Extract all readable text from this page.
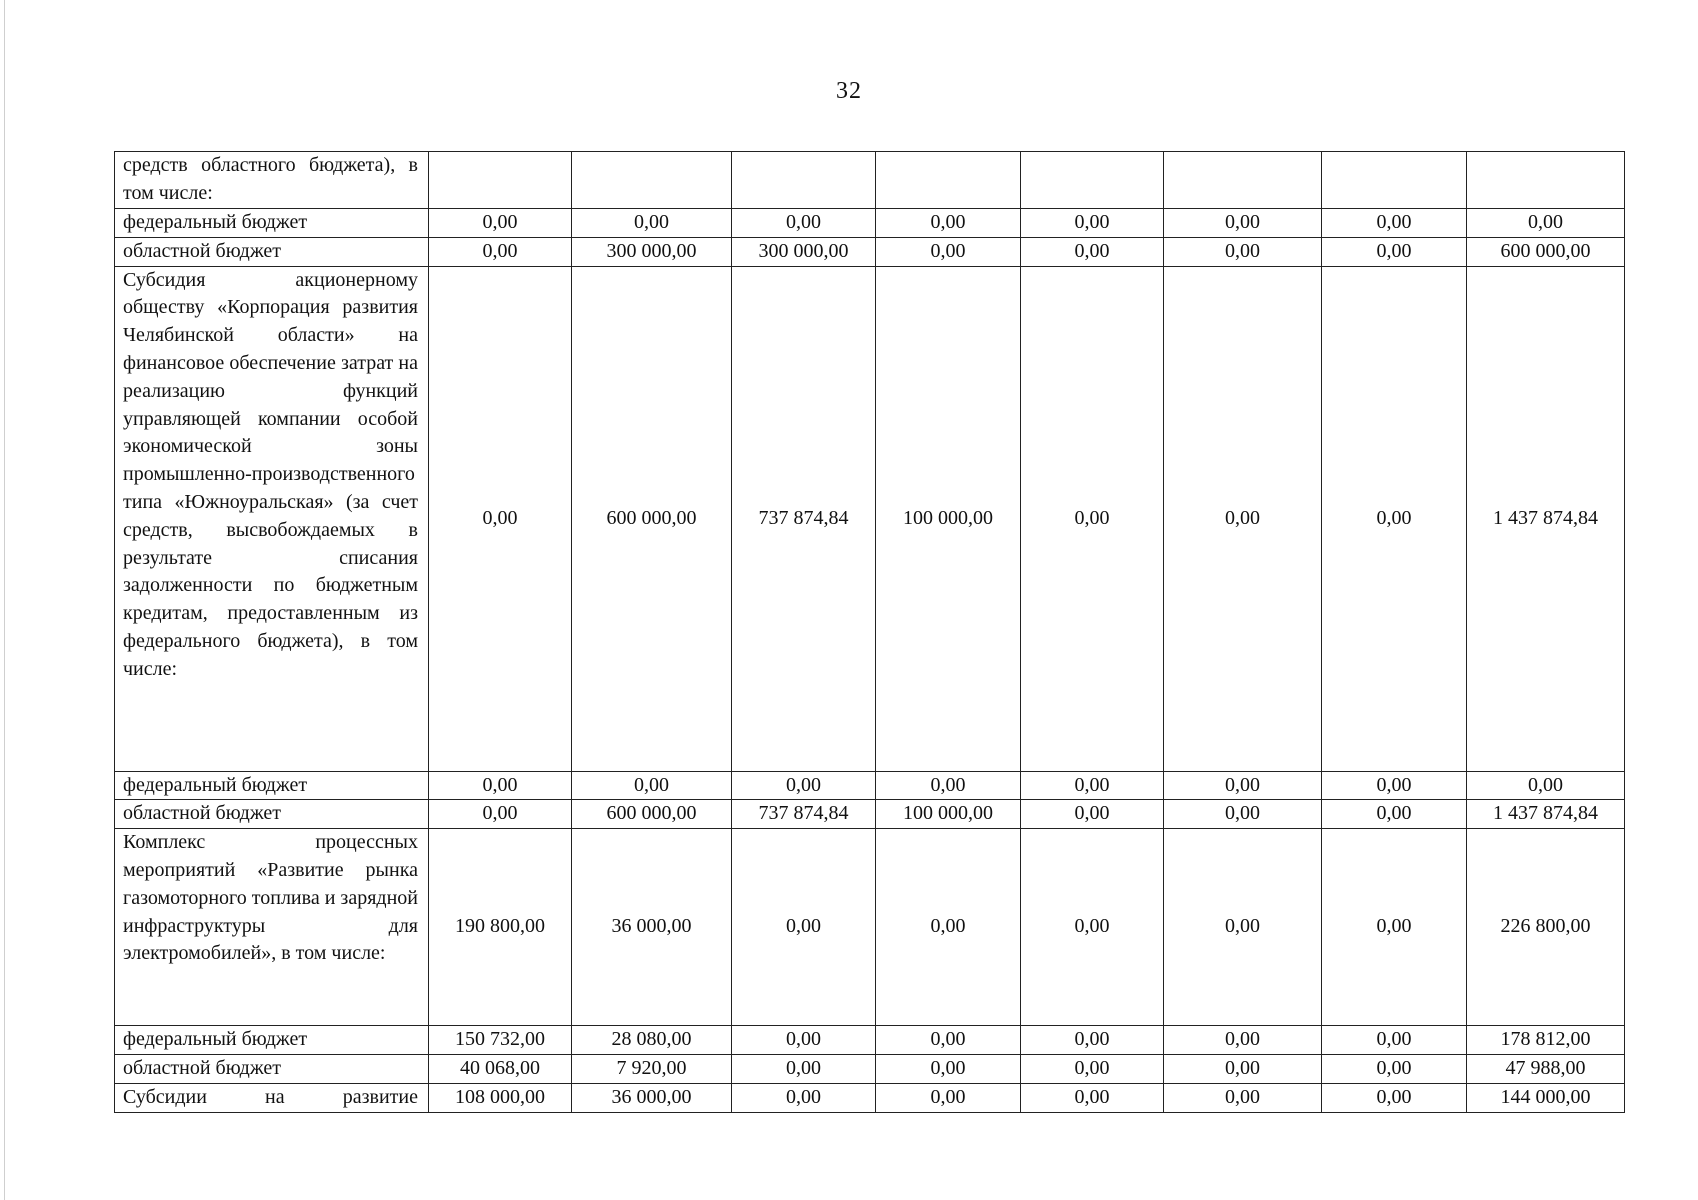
32
средств областного бюджета), в том числе:								
федеральный бюджет	0,00	0,00	0,00	0,00	0,00	0,00	0,00	0,00
областной бюджет	0,00	300 000,00	300 000,00	0,00	0,00	0,00	0,00	600 000,00
Субсидия акционерному обществу «Корпорация развития Челябинской области» на финансовое обеспечение затрат на реализацию функций управляющей компании особой экономической зоны промышленно-производственного типа «Южноуральская» (за счет средств, высвобождаемых в результате списания задолженности по бюджетным кредитам, предоставленным из федерального бюджета), в том числе:	0,00	600 000,00	737 874,84	100 000,00	0,00	0,00	0,00	1 437 874,84
федеральный бюджет	0,00	0,00	0,00	0,00	0,00	0,00	0,00	0,00
областной бюджет	0,00	600 000,00	737 874,84	100 000,00	0,00	0,00	0,00	1 437 874,84
Комплекс процессных мероприятий «Развитие рынка газомоторного топлива и зарядной инфраструктуры для электромобилей», в том числе:	190 800,00	36 000,00	0,00	0,00	0,00	0,00	0,00	226 800,00
федеральный бюджет	150 732,00	28 080,00	0,00	0,00	0,00	0,00	0,00	178 812,00
областной бюджет	40 068,00	7 920,00	0,00	0,00	0,00	0,00	0,00	47 988,00
Субсидии на развитие	108 000,00	36 000,00	0,00	0,00	0,00	0,00	0,00	144 000,00
